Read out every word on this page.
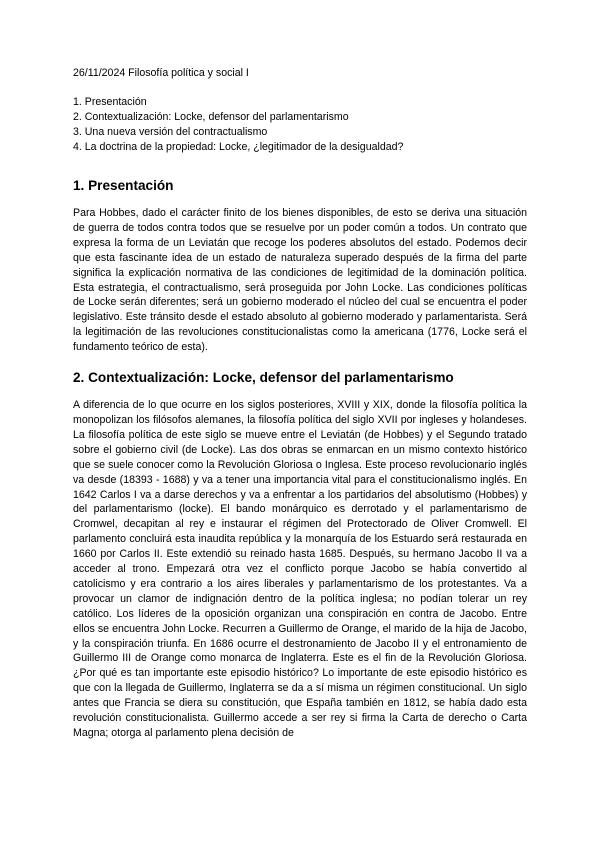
26/11/2024 Filosofía política y social I
1. Presentación
2. Contextualización: Locke, defensor del parlamentarismo
3. Una nueva versión del contractualismo
4. La doctrina de la propiedad: Locke, ¿legitimador de la desigualdad?
1. Presentación

Para Hobbes, dado el carácter finito de los bienes disponibles, de esto se deriva una situación de guerra de todos contra todos que se resuelve por un poder común a todos. Un contrato que expresa la forma de un Leviatán que recoge los poderes absolutos del estado. Podemos decir que esta fascinante idea de un estado de naturaleza superado después de la firma del parte significa la explicación normativa de las condiciones de legitimidad de la dominación política. Esta estrategia, el contractualismo, será proseguida por John Locke. Las condiciones políticas de Locke serán diferentes; será un gobierno moderado el núcleo del cual se encuentra el poder legislativo. Este tránsito desde el estado absoluto al gobierno moderado y parlamentarista. Será la legitimación de las revoluciones constitucionalistas como la americana (1776, Locke será el fundamento teórico de esta).

2. Contextualización: Locke, defensor del parlamentarismo

A diferencia de lo que ocurre en los siglos posteriores, XVIII y XIX, donde la filosofía política la monopolizan los filósofos alemanes, la filosofía política del siglo XVII por ingleses y holandeses. La filosofía política de este siglo se mueve entre el Leviatán (de Hobbes) y el Segundo tratado sobre el gobierno civil (de Locke). Las dos obras se enmarcan en un mismo contexto histórico que se suele conocer como la Revolución Gloriosa o Inglesa. Este proceso revolucionario inglés va desde (18393 - 1688) y va a tener una importancia vital para el constitucionalismo inglés. En 1642 Carlos I va a darse derechos y va a enfrentar a los partidarios del absolutismo (Hobbes) y del parlamentarismo (locke). El bando monárquico es derrotado y el parlamentarismo de Cromwel, decapitan al rey e instaurar el régimen del Protectorado de Oliver Cromwell. El parlamento concluirá esta inaudita república y la monarquía de los Estuardo será restaurada en 1660 por Carlos II. Este extendió su reinado hasta 1685. Después, su hermano Jacobo II va a acceder al trono. Empezará otra vez el conflicto porque Jacobo se había convertido al catolicismo y era contrario a los aires liberales y parlamentarismo de los protestantes. Va a provocar un clamor de indignación dentro de la política inglesa; no podían tolerar un rey católico. Los líderes de la oposición organizan una conspiración en contra de Jacobo. Entre ellos se encuentra John Locke. Recurren a Guillermo de Orange, el marido de la hija de Jacobo, y la conspiración triunfa. En 1686 ocurre el destronamiento de Jacobo II y el entronamiento de Guillermo III de Orange como monarca de Inglaterra. Este es el fin de la Revolución Gloriosa. ¿Por qué es tan importante este episodio histórico? Lo importante de este episodio histórico es que con la llegada de Guillermo, Inglaterra se da a sí misma un régimen constitucional. Un siglo antes que Francia se diera su constitución, que España también en 1812, se había dado esta revolución constitucionalista. Guillermo accede a ser rey si firma la Carta de derecho o Carta Magna; otorga al parlamento plena decisión de
